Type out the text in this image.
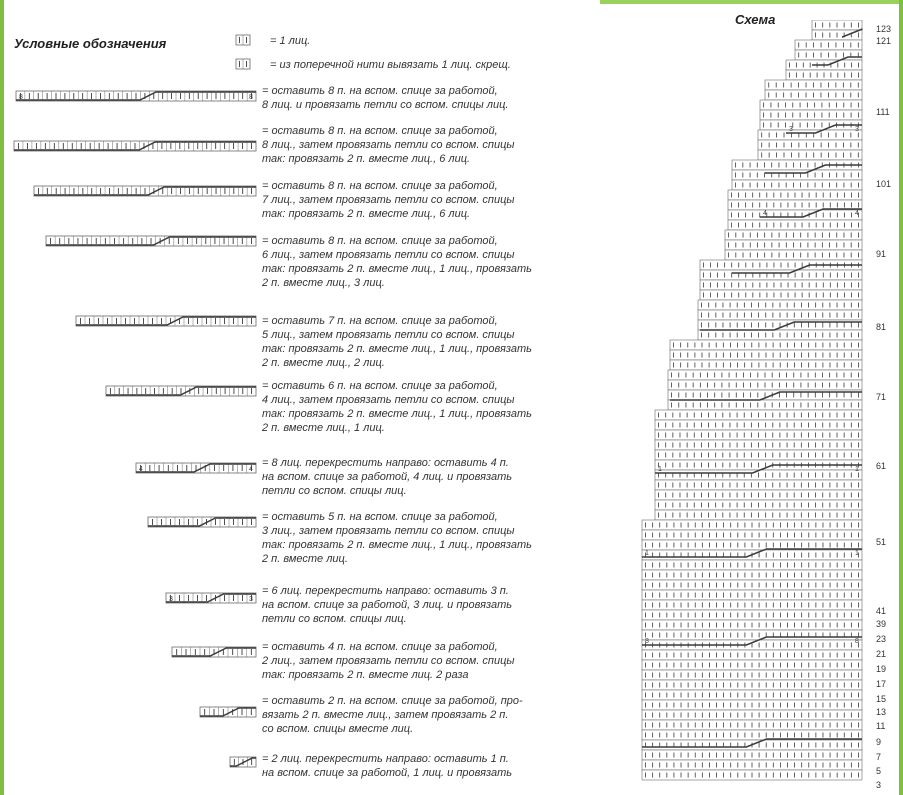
Условные обозначения
Схема
8	8
4	4
3	3
= 1 лиц.
= из поперечной нити вывязать 1 лиц. скрещ.
= оставить 8 п. на вспом. спице за работой,
8 лиц. и провязать петли со вспом. спицы лиц.
= оставить 8 п. на вспом. спице за работой,
8 лиц., затем провязать петли со вспом. спицы
так: провязать 2 п. вместе лиц., 6 лиц.
= оставить 8 п. на вспом. спице за работой,
7 лиц., затем провязать петли со вспом. спицы
так: провязать 2 п. вместе лиц., 6 лиц.
= оставить 8 п. на вспом. спице за работой,
6 лиц., затем провязать петли со вспом. спицы
так: провязать 2 п. вместе лиц., 1 лиц., провязать
2 п. вместе лиц., 3 лиц.
= оставить 7 п. на вспом. спице за работой,
5 лиц., затем провязать петли со вспом. спицы
так: провязать 2 п. вместе лиц., 1 лиц., провязать
2 п. вместе лиц., 2 лиц.
= оставить 6 п. на вспом. спице за работой,
4 лиц., затем провязать петли со вспом. спицы
так: провязать 2 п. вместе лиц., 1 лиц., провязать
2 п. вместе лиц., 1 лиц.
= 8 лиц. перекрестить направо: оставить 4 п.
на вспом. спице за работой, 4 лиц. и провязать
петли со вспом. спицы лиц.
= оставить 5 п. на вспом. спице за работой,
3 лиц., затем провязать петли со вспом. спицы
так: провязать 2 п. вместе лиц., 1 лиц., провязать
2 п. вместе лиц.
= 6 лиц. перекрестить направо: оставить 3 п.
на вспом. спице за работой, 3 лиц. и провязать
петли со вспом. спицы лиц.
= оставить 4 п. на вспом. спице за работой,
2 лиц., затем провязать петли со вспом. спицы
так: провязать 2 п. вместе лиц. 2 раза
= оставить 2 п. на вспом. спице за работой, про-
вязать 2 п. вместе лиц., затем провязать 2 п.
со вспом. спицы вместе лиц.
= 2 лиц. перекрестить направо: оставить 1 п.
на вспом. спице за работой, 1 лиц. и провязать
3	3
4	4
1	1
1	1
8	8
123
121
111
101
91
81
71
61
51
41
39
23
21
19
17
15
13
11
9
7
5
3
